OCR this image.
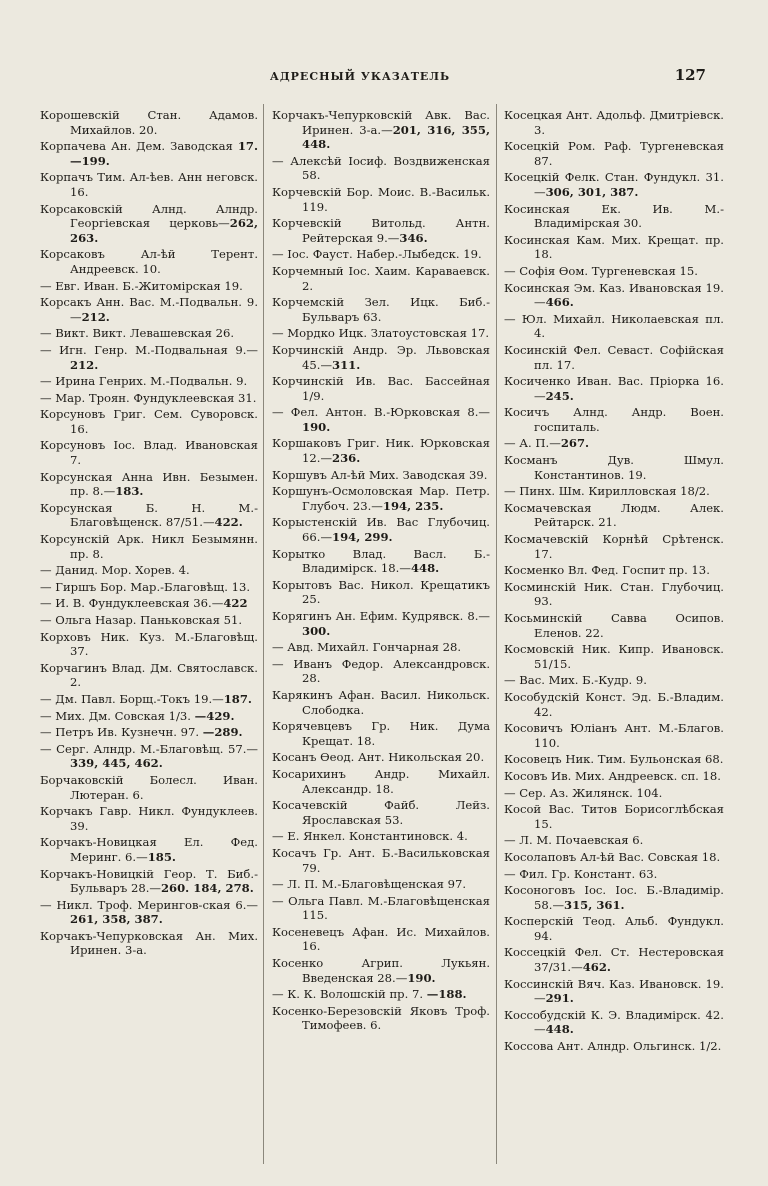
АДРЕСНЫЙ УКАЗАТЕЛЬ	127
Корошевскій Стан. Адамов. Михайлов. 20.
Корпачева Ан. Дем. Заводская 17.—199.
Корпачъ Тим. Ал-ѣев. Анн неговск. 16.
Корсаковскій Алнд. Алндр. Георгіевская церковь—262, 263.
Корсаковъ Ал-ѣй Терент. Андреевск. 10.
— Евг. Иван. Б.-Житомірская 19.
Корсакъ Анн. Вас. М.-Подвальн. 9.—212.
— Викт. Викт. Левашевская 26.
— Игн. Генр. М.-Подвальная 9.—212.
— Ирина Генрих. М.-Подвальн. 9.
— Мар. Троян. Фундуклеевская 31.
Корсуновъ Григ. Сем. Суворовск. 16.
Корсуновъ Іос. Влад. Ивановская 7.
Корсунская Анна Ивн. Безымен. пр. 8.—183.
Корсунская Б. Н. М.-Благовѣщенск. 87/51.—422.
Корсунскій Арк. Никл Безымянн. пр. 8.
— Данид. Мор. Хорев. 4.
— Гиршъ Бор. Мар.-Благовѣщ. 13.
— И. В. Фундуклеевская 36.—422
— Ольга Назар. Паньковская 51.
Корховъ Ник. Куз. М.-Благовѣщ. 37.
Корчагинъ Влад. Дм. Святославск. 2.
— Дм. Павл. Борщ.-Токъ 19.—187.
— Мих. Дм. Совская 1/3. —429.
— Петръ Ив. Кузнечн. 97. —289.
— Серг. Алндр. М.-Благовѣщ. 57.—339, 445, 462.
Борчаковскій Болесл. Иван. Лютеран. 6.
Корчакъ Гавр. Никл. Фундуклеев. 39.
Корчакъ-Новицкая Ел. Фед. Меринг. 6.—185.
Корчакъ-Новицкій Геор. Т. Биб.-Бульваръ 28.—260. 184, 278.
— Никл. Троф. Мерингов-ская 6.—261, 358, 387.
Корчакъ-Чепурковская Ан. Мих. Иринен. 3-а.
Корчакъ-Чепурковскій Авк. Вас. Иринен. 3-а.—201, 316, 355, 448.
— Алексѣй Іосиф. Воздвиженская 58.
Корчевскій Бор. Моис. В.-Васильк. 119.
Корчевскій Витольд. Антн. Рейтерская 9.—346.
— Іос. Фауст. Набер.-Лыбедск. 19.
Корчемный Іос. Хаим. Караваевск. 2.
Корчемскій Зел. Ицк. Биб.-Бульваръ 63.
— Мордко Ицк. Златоустовская 17.
Корчинскій Андр. Эр. Львовская 45.—311.
Корчинскій Ив. Вас. Бассейная 1/9.
— Фел. Антон. В.-Юрковская 8.—190.
Коршаковъ Григ. Ник. Юрковская 12.—236.
Коршувъ Ал-ѣй Мих. Заводская 39.
Коршунъ-Осмоловская Мар. Петр. Глубоч. 23.—194, 235.
Корыстенскій Ив. Вас Глубочиц. 66.—194, 299.
Корытко Влад. Васл. Б.-Владимірск. 18.—448.
Корытовъ Вас. Никол. Крещатикъ 25.
Корягинъ Ан. Ефим. Кудрявск. 8.—300.
— Авд. Михайл. Гончарная 28.
— Иванъ Федор. Александровск. 28.
Карякинъ Афан. Васил. Никольск. Слободка.
Корячевцевъ Гр. Ник. Дума Крещат. 18.
Косанъ Ѳеод. Ант. Никольская 20.
Косарихинъ Андр. Михайл. Александр. 18.
Косачевскій Файб. Лейз. Ярославская 53.
— Е. Янкел. Константиновск. 4.
Косачъ Гр. Ант. Б.-Васильковская 79.
— Л. П. М.-Благовѣщенская 97.
— Ольга Павл. М.-Благовѣщенская 115.
Косеневецъ Афан. Ис. Михайлов. 16.
Косенко Агрип. Лукьян. Введенская 28.—190.
— К. К. Волошскій пр. 7. —188.
Косенко-Березовскій Яковъ Троф. Тимофеев. 6.
Косецкая Ант. Адольф. Дмитріевск. 3.
Косецкій Ром. Раф. Тургеневская 87.
Косецкій Фелк. Стан. Фундукл. 31.—306, 301, 387.
Косинская Ек. Ив. М.-Владимірская 30.
Косинская Кам. Мих. Крещат. пр. 18.
— Софія Ѳом. Тургеневская 15.
Косинская Эм. Каз. Ивановская 19.—466.
— Юл. Михайл. Николаевская пл. 4.
Косинскій Фел. Севаст. Софійская пл. 17.
Косиченко Иван. Вас. Пріорка 16.—245.
Косичъ Алнд. Андр. Воен. госпиталь.
— А. П.—267.
Косманъ Дув. Шмул. Константинов. 19.
— Пинх. Шм. Кирилловская 18/2.
Космачевская Людм. Алек. Рейтарск. 21.
Космачевскій Корнѣй Срѣтенск. 17.
Косменко Вл. Фед. Госпит пр. 13.
Косминскій Ник. Стан. Глубочиц. 93.
Косьминскій Савва Осипов. Еленов. 22.
Космовскій Ник. Кипр. Ивановск. 51/15.
— Вас. Мих. Б.-Кудр. 9.
Кособудскій Конст. Эд. Б.-Владим. 42.
Косовичъ Юліанъ Ант. М.-Благов. 110.
Косовецъ Ник. Тим. Бульонская 68.
Косовъ Ив. Мих. Андреевск. сп. 18.
— Сер. Аз. Жилянск. 104.
Косой Вас. Титов Борисоглѣбская 15.
— Л. М. Почаевская 6.
Косолаповъ Ал-ѣй Вас. Совская 18.
— Фил. Гр. Констант. 63.
Косоноговъ Іос. Іос. Б.-Владимір. 58.—315, 361.
Косперскій Теод. Альб. Фундукл. 94.
Коссецкій Фел. Ст. Нестеровская 37/31.—462.
Коссинскій Вяч. Каз. Ивановск. 19.—291.
Коссобудскій К. Э. Владимірск. 42.—448.
Коссова Ант. Алндр. Ольгинск. 1/2.
